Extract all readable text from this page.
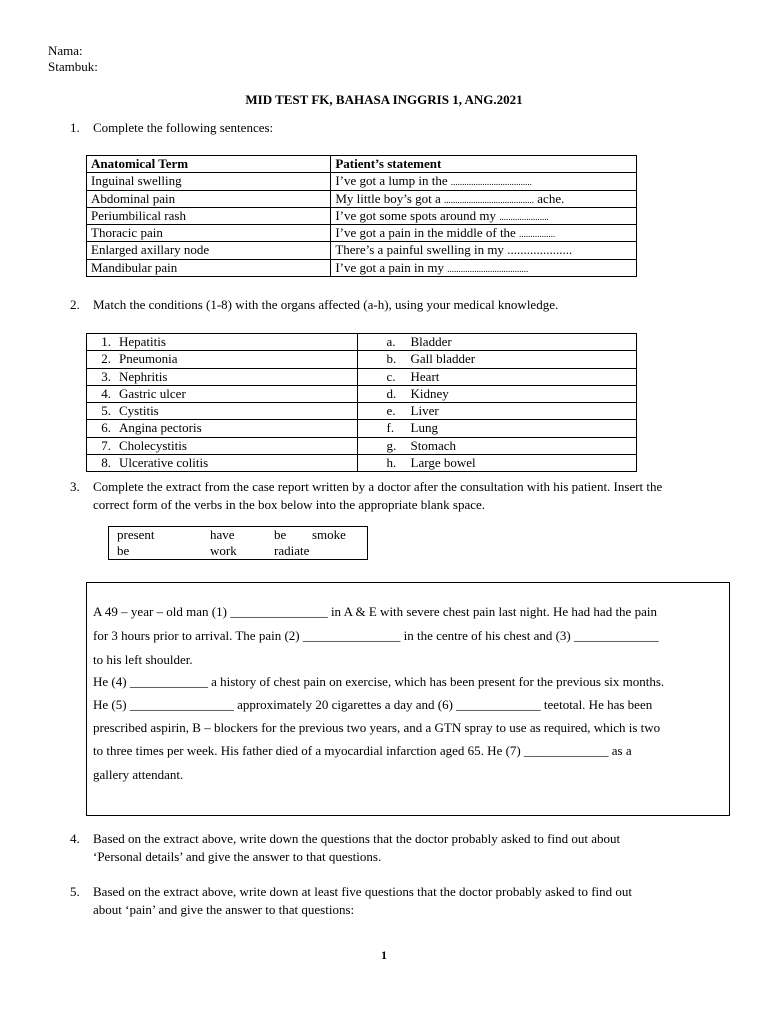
Nama:
Stambuk:
MID TEST FK, BAHASA INGGRIS 1, ANG.2021
1. Complete the following sentences:
Anatomical Term	Patient’s statement
Inguinal swelling	I’ve got a lump in the ....................................
Abdominal pain	My little boy’s got a ........................................ ache.
Periumbilical rash	I’ve got some spots around my ......................
Thoracic pain	I’ve got a pain in the middle of the ................
Enlarged axillary node	There’s a painful swelling in my ....................
Mandibular pain	I’ve got a pain in my ....................................
2. Match the conditions (1-8) with the organs affected (a-h), using your medical knowledge.
1. Hepatitis	a. Bladder
2. Pneumonia	b. Gall bladder
3. Nephritis	c. Heart
4. Gastric ulcer	d. Kidney
5. Cystitis	e. Liver
6. Angina pectoris	f. Lung
7. Cholecystitis	g. Stomach
8. Ulcerative colitis	h. Large bowel
3. Complete the extract from the case report written by a doctor after the consultation with his patient. Insert the
correct form of the verbs in the box below into the appropriate blank space.
present	have	be smoke
be	work	radiate
A 49 – year – old man (1) _______________ in A & E with severe chest pain last night. He had had the pain
for 3 hours prior to arrival. The pain (2) _______________ in the centre of his chest and (3) _____________
to his left shoulder.
He (4) ____________ a history of chest pain on exercise, which has been present for the previous six months.
He (5) ________________ approximately 20 cigarettes a day and (6) _____________ teetotal. He has been
prescribed aspirin, B – blockers for the previous two years, and a GTN spray to use as required, which is two
to three times per week. His father died of a myocardial infarction aged 65. He (7) _____________ as a
gallery attendant.
4. Based on the extract above, write down the questions that the doctor probably asked to find out about
‘Personal details’ and give the answer to that questions.
5. Based on the extract above, write down at least five questions that the doctor probably asked to find out
about ‘pain’ and give the answer to that questions:
1
